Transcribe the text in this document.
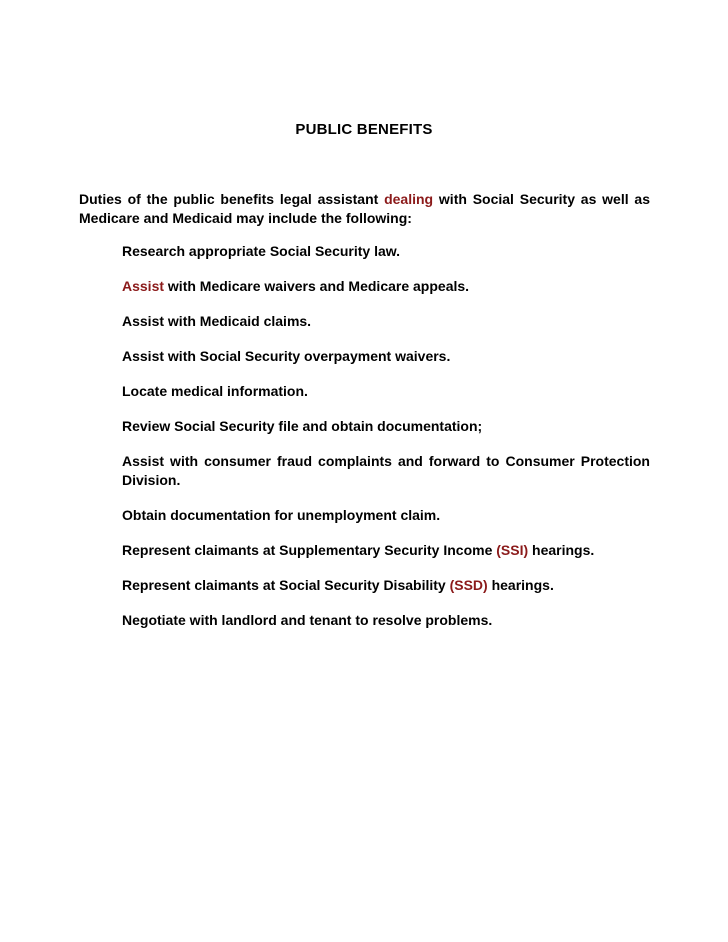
PUBLIC BENEFITS
Duties of the public benefits legal assistant dealing with Social Security as well as
Medicare and Medicaid may include the following:
Research appropriate Social Security law.
Assist with Medicare waivers and Medicare appeals.
Assist with Medicaid claims.
Assist with Social Security overpayment waivers.
Locate medical information.
Review Social Security file and obtain documentation;
Assist with consumer fraud complaints and forward to Consumer Protection
Division.
Obtain documentation for unemployment claim.
Represent claimants at Supplementary Security Income (SSI) hearings.
Represent claimants at Social Security Disability (SSD) hearings.
Negotiate with landlord and tenant to resolve problems.
